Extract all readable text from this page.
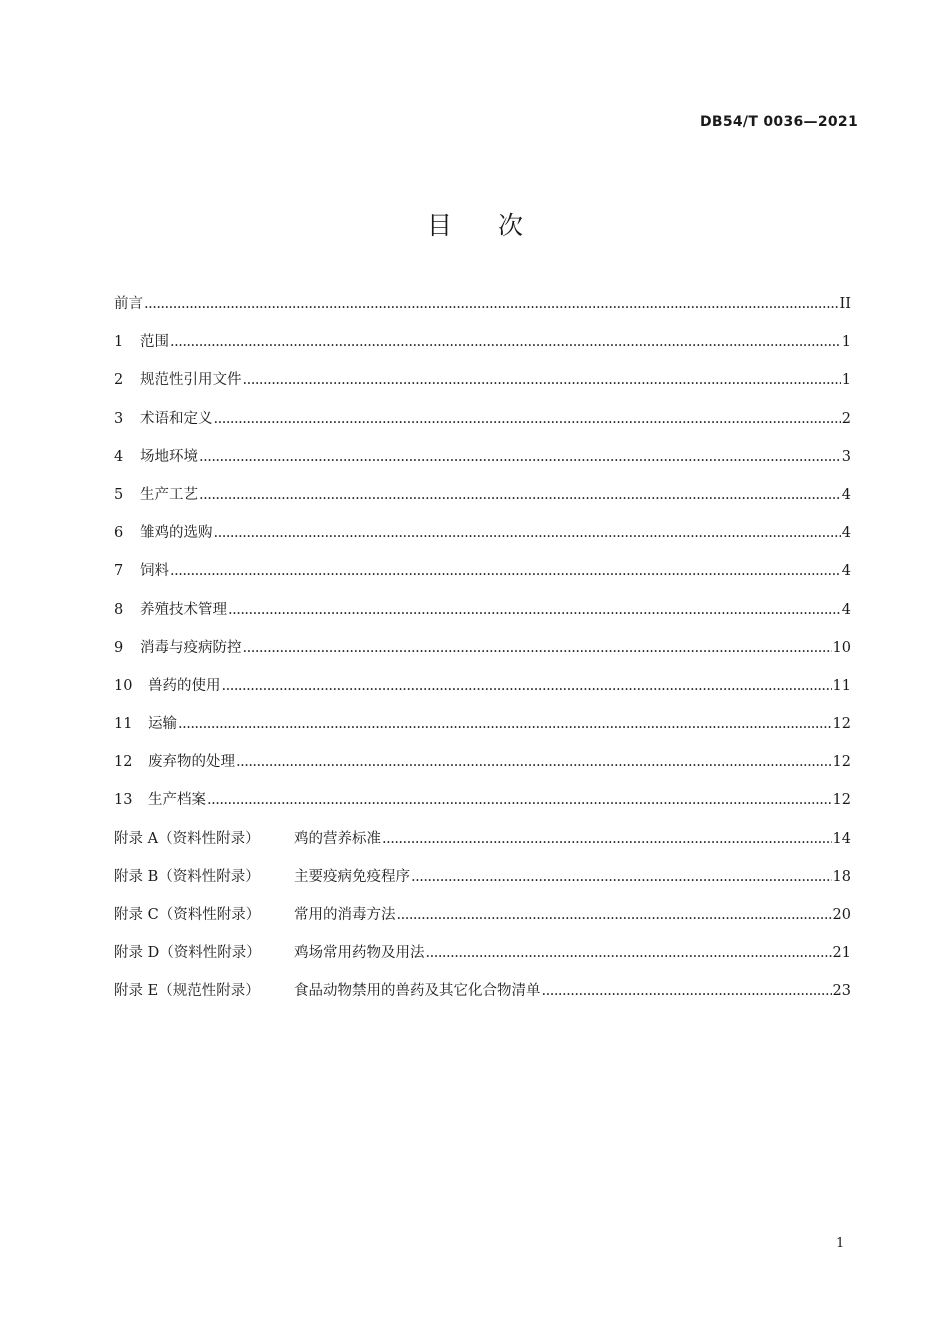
DB54/T 0036—2021
目次
前言 .....	II
1	范围 .....	1
2	规范性引用文件 .....	1
3	术语和定义 .....	2
4	场地环境 .....	3
5	生产工艺 .....	4
6	雏鸡的选购 .....	4
7	饲料 .....	4
8	养殖技术管理 .....	4
9	消毒与疫病防控 .....	10
10	兽药的使用 .....	11
11	运输 .....	12
12	废弃物的处理 .....	12
13	生产档案 .....	12
附录 A（资料性附录）	鸡的营养标准 .....	14
附录 B（资料性附录）	主要疫病免疫程序 .....	18
附录 C（资料性附录）	常用的消毒方法 .....	20
附录 D（资料性附录）	鸡场常用药物及用法 .....	21
附录 E（规范性附录）	食品动物禁用的兽药及其它化合物清单 .....	23
1
